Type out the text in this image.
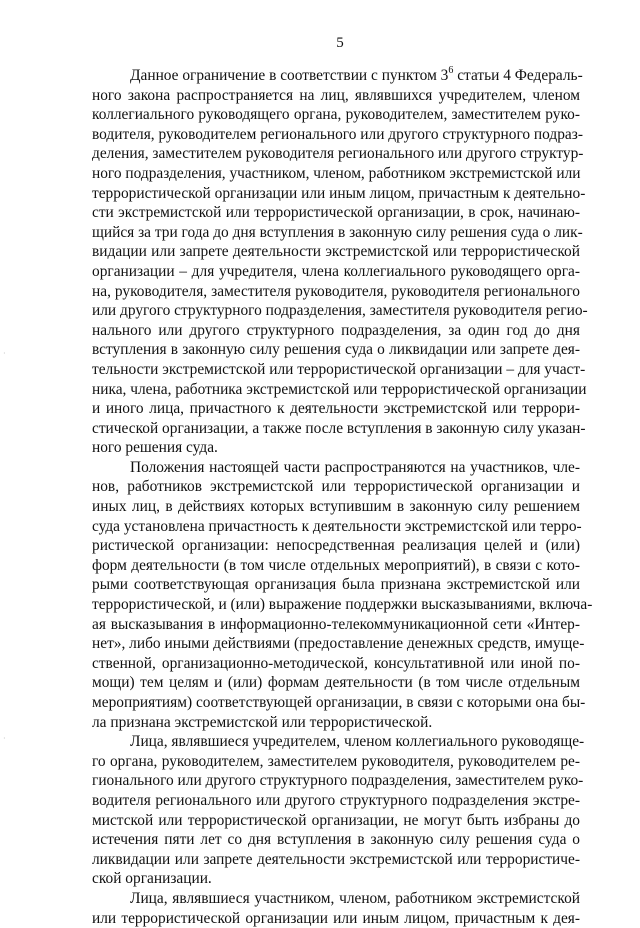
5
·
·
Данное ограничение в соответствии с пунктом $3^6$ статьи 4 Федераль-
ного закона распространяется на лиц, являвшихся учредителем, членом
коллегиального руководящего органа, руководителем, заместителем руко-
водителя, руководителем регионального или другого структурного подраз-
деления, заместителем руководителя регионального или другого структур-
ного подразделения, участником, членом, работником экстремистской или
террористической организации или иным лицом, причастным к деятельно-
сти экстремистской или террористической организации, в срок, начинаю-
щийся за три года до дня вступления в законную силу решения суда о лик-
видации или запрете деятельности экстремистской или террористической
организации – для учредителя, члена коллегиального руководящего орга-
на, руководителя, заместителя руководителя, руководителя регионального
или другого структурного подразделения, заместителя руководителя регио-
нального или другого структурного подразделения, за один год до дня
вступления в законную силу решения суда о ликвидации или запрете дея-
тельности экстремистской или террористической организации – для участ-
ника, члена, работника экстремистской или террористической организации
и иного лица, причастного к деятельности экстремистской или террори-
стической организации, а также после вступления в законную силу указан-
ного решения суда.
Положения настоящей части распространяются на участников, чле-
нов, работников экстремистской или террористической организации и
иных лиц, в действиях которых вступившим в законную силу решением
суда установлена причастность к деятельности экстремистской или терро-
ристической организации: непосредственная реализация целей и (или)
форм деятельности (в том числе отдельных мероприятий), в связи с кото-
рыми соответствующая организация была признана экстремистской или
террористической, и (или) выражение поддержки высказываниями, включа-
ая высказывания в информационно-телекоммуникационной сети «Интер-
нет», либо иными действиями (предоставление денежных средств, имуще-
ственной, организационно-методической, консультативной или иной по-
мощи) тем целям и (или) формам деятельности (в том числе отдельным
мероприятиям) соответствующей организации, в связи с которыми она бы-
ла признана экстремистской или террористической.
Лица, являвшиеся учредителем, членом коллегиального руководяще-
го органа, руководителем, заместителем руководителя, руководителем ре-
гионального или другого структурного подразделения, заместителем руко-
водителя регионального или другого структурного подразделения экстре-
мистской или террористической организации, не могут быть избраны до
истечения пяти лет со дня вступления в законную силу решения суда о
ликвидации или запрете деятельности экстремистской или террористиче-
ской организации.
Лица, являвшиеся участником, членом, работником экстремистской
или террористической организации или иным лицом, причастным к дея-
